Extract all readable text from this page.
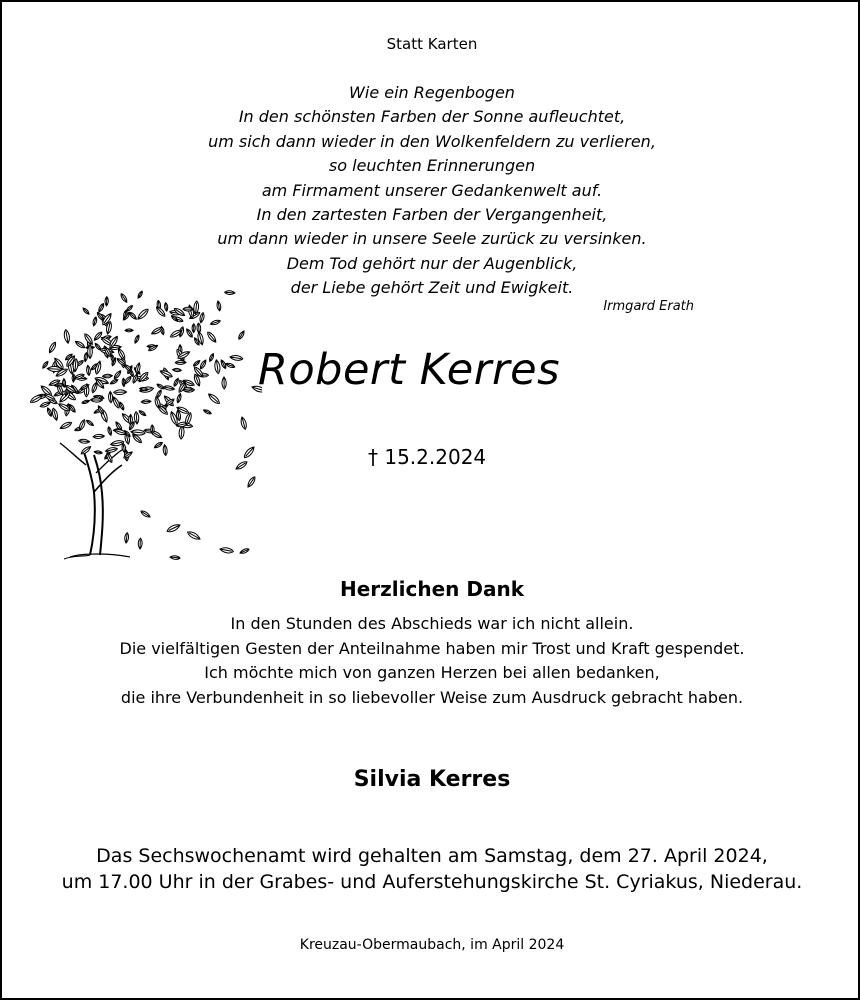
Statt Karten
Wie ein Regenbogen
In den schönsten Farben der Sonne aufleuchtet,
um sich dann wieder in den Wolkenfeldern zu verlieren,
so leuchten Erinnerungen
am Firmament unserer Gedankenwelt auf.
In den zartesten Farben der Vergangenheit,
um dann wieder in unsere Seele zurück zu versinken.
Dem Tod gehört nur der Augenblick,
der Liebe gehört Zeit und Ewigkeit.
Irmgard Erath
Robert Kerres
† 15.2.2024
Herzlichen Dank
In den Stunden des Abschieds war ich nicht allein.
Die vielfältigen Gesten der Anteilnahme haben mir Trost und Kraft gespendet.
Ich möchte mich von ganzen Herzen bei allen bedanken,
die ihre Verbundenheit in so liebevoller Weise zum Ausdruck gebracht haben.
Silvia Kerres
Das Sechswochenamt wird gehalten am Samstag, dem 27. April 2024,
um 17.00 Uhr in der Grabes- und Auferstehungskirche St. Cyriakus, Niederau.
Kreuzau-Obermaubach, im April 2024
